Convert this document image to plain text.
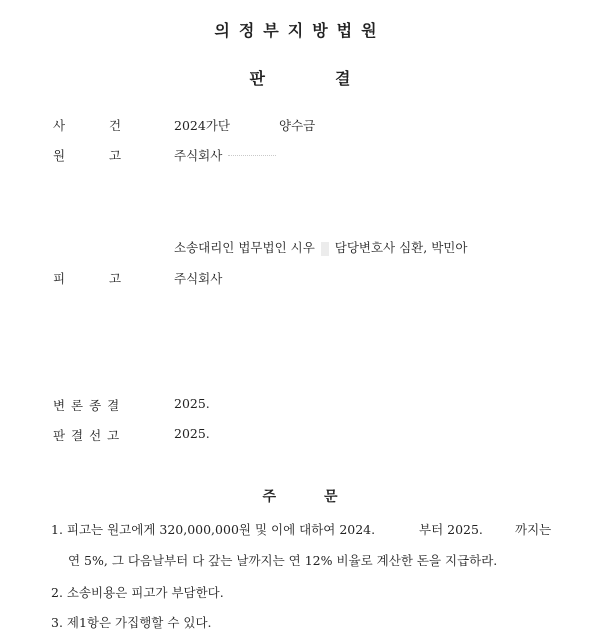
의정부지방법원
판	결
사	건	2024가단	양수금
원	고	주식회사
소송대리인 법무법인 시우 담당변호사 심환, 박민아
피	고	주식회사
변 론 종 결	2025.
판 결 선 고	2025.
주	문
1. 피고는 원고에게 320,000,000원 및 이에 대하여 2024.	부터 2025.	까지는
연 5%, 그 다음날부터 다 갚는 날까지는 연 12% 비율로 계산한 돈을 지급하라.
2. 소송비용은 피고가 부담한다.
3. 제1항은 가집행할 수 있다.
